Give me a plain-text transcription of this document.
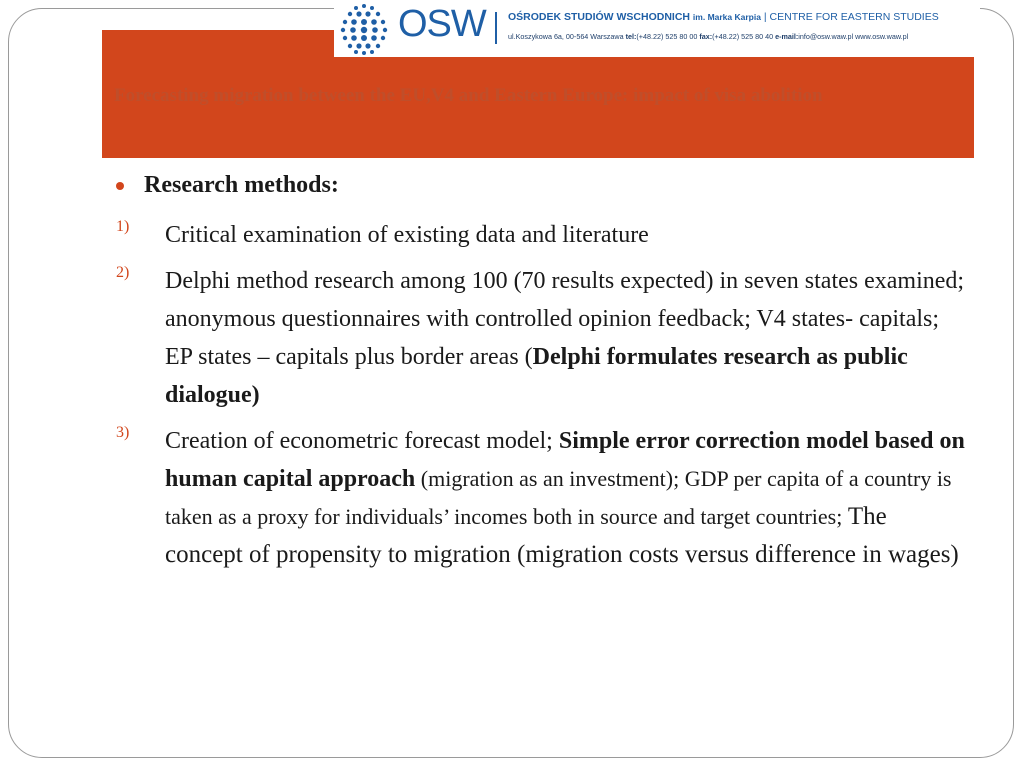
Forecasting migration between the EU,V4 and Eastern Europe: impact of visa abolition
OSW OŚRODEK STUDIÓW WSCHODNICH im. Marka Karpia | CENTRE FOR EASTERN STUDIES
ul.Koszykowa 6a, 00-564 Warszawa tel:(+48.22) 525 80 00 fax:(+48.22) 525 80 40 e-mail:info@osw.waw.pl www.osw.waw.pl
Research methods:
1) Critical examination of existing data and literature
2) Delphi method research among 100 (70 results expected) in seven states examined; anonymous questionnaires with controlled opinion feedback; V4 states- capitals; EP states – capitals plus border areas (Delphi formulates research as public dialogue)
3) Creation of econometric forecast model; Simple error correction model based on human capital approach (migration as an investment); GDP per capita of a country is taken as a proxy for individuals’ incomes both in source and target countries; The concept of propensity to migration (migration costs versus difference in wages)
